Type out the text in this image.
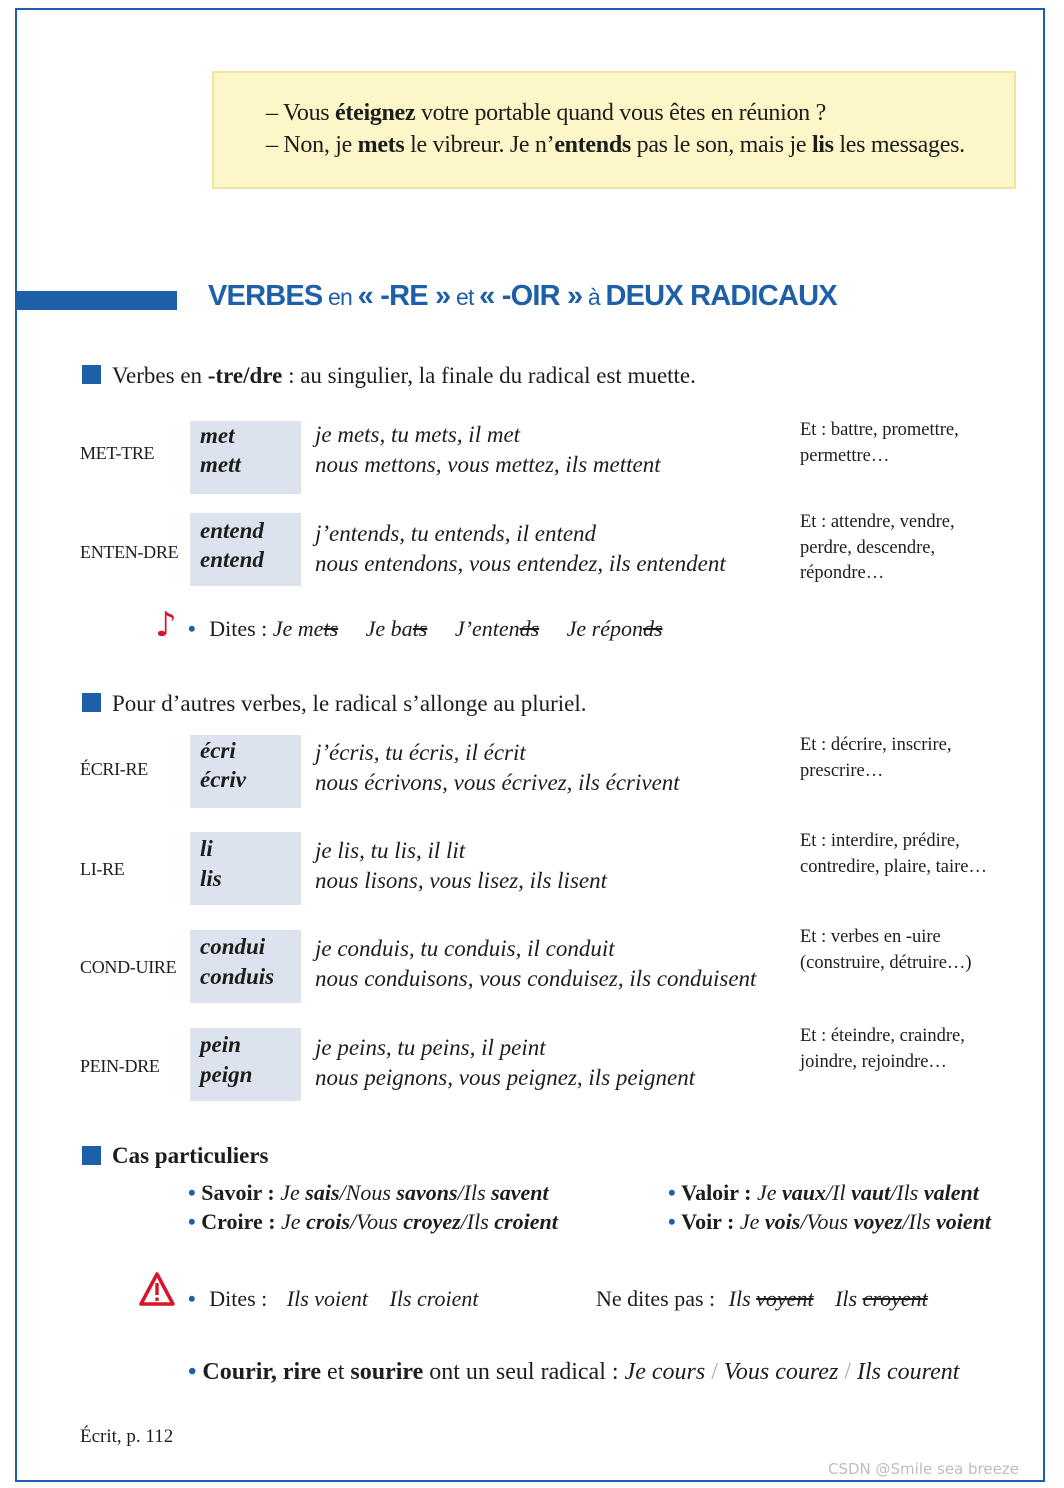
– Vous éteignez votre portable quand vous êtes en réunion ?

– Non, je mets le vibreur. Je n’entends pas le son, mais je lis les messages.

VERBES en « -RE » et « -OIR » à DEUX RADICAUX
Verbes en -tre/dre : au singulier, la finale du radical est muette.
MET-TRE
met
mett
je mets, tu mets, il met
nous mettons, vous mettez, ils mettent
Et : battre, promettre, permettre…
ENTEN-DRE
entend
entend
j’entends, tu entends, il entend
nous entendons, vous entendez, ils entendent
Et : attendre, vendre, perdre, descendre, répondre…
♪ • Dites : Je mets Je bats J’entends Je réponds
Pour d’autres verbes, le radical s’allonge au pluriel.
ÉCRI-RE
écri
écriv
j’écris, tu écris, il écrit
nous écrivons, vous écrivez, ils écrivent
Et : décrire, inscrire, prescrire…
LI-RE
li
lis
je lis, tu lis, il lit
nous lisons, vous lisez, ils lisent
Et : interdire, prédire, contredire, plaire, taire…
COND-UIRE
condui
conduis
je conduis, tu conduis, il conduit
nous conduisons, vous conduisez, ils conduisent
Et : verbes en -uire (construire, détruire…)
PEIN-DRE
pein
peign
je peins, tu peins, il peint
nous peignons, vous peignez, ils peignent
Et : éteindre, craindre, joindre, rejoindre…
Cas particuliers
• Savoir : Je sais/Nous savons/Ils savent
• Croire : Je crois/Vous croyez/Ils croient
• Valoir : Je vaux/Il vaut/Ils valent
• Voir : Je vois/Vous voyez/Ils voient
• Dites : Ils voient Ils croient	Ne dites pas : Ils voyent Ils croyent
• Courir, rire et sourire ont un seul radical : Je cours / Vous courez / Ils courent
Écrit, p. 112
CSDN @Smile sea breeze
